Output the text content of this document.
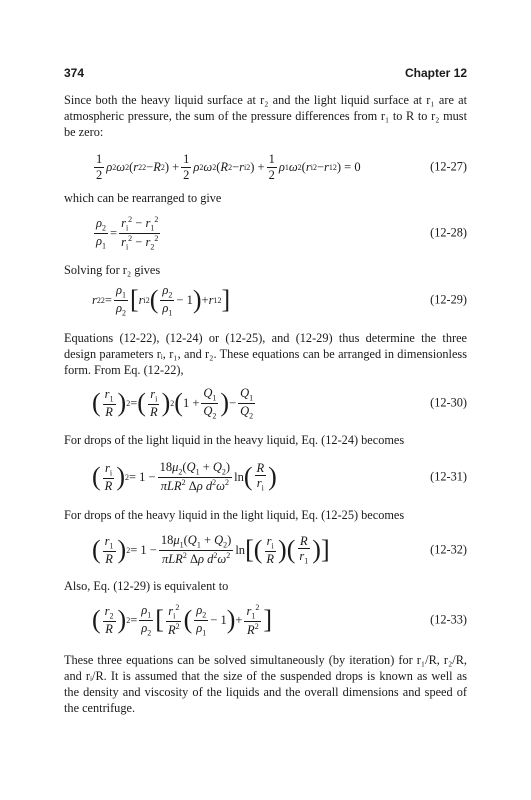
374	Chapter 12
Since both the heavy liquid surface at r₂ and the light liquid surface at r₁ are at atmospheric pressure, the sum of the pressure differences from r₁ to R to r₂ must be zero:
$\frac{1}{2}$ ρ 2 ω 2 ( r 2 2 − R 2 ) + $\frac{1}{2}$ ρ 2 ω 2 ( R 2 − r i 2 ) + $\frac{1}{2}$ ρ 1 ω 2 ( r i 2 − r 1 2 ) = 0	(12-27)
which can be rearranged to give
$\frac{\rho_2}{\rho_1} = \frac{r_i^2 - r_1^2}{r_i^2 - r_2^2}$	(12-28)
Solving for r₂ gives
r 2 $2 = \frac{\rho_1}{\rho_2}$ [ r i 2 ( $\frac{\rho_2}{\rho_1} - 1$ ) + r 1 2 ]	(12-29)
Equations (12-22), (12-24) or (12-25), and (12-29) thus determine the three design parameters rᵢ, r₁, and r₂. These equations can be arranged in dimensionless form. From Eq. (12-22),
( $\frac{r_1}{R}$ ) 2 = ( $\frac{r_i}{R}$ ) 2 ( $1 + \frac{Q_1}{Q_2}$ ) − $\frac{Q_1}{Q_2}$	(12-30)
For drops of the light liquid in the heavy liquid, Eq. (12-24) becomes
( $\frac{r_i}{R}$ ) $2 = 1 - \frac{18\mu_2(Q_1 + Q_2)}{\pi LR^2 \Delta\rho d^2\omega^2}$ ln ( $\frac{R}{r_i}$ )	(12-31)
For drops of the heavy liquid in the light liquid, Eq. (12-25) becomes
( $\frac{r_1}{R}$ ) $2 = 1 - \frac{18\mu_1(Q_1 + Q_2)}{\pi LR^2 \Delta\rho d^2\omega^2}$ ln [ ( $\frac{r_i}{R}$ ) ( $\frac{R}{r_1}$ ) ]	(12-32)
Also, Eq. (12-29) is equivalent to
( $\frac{r_2}{R}$ ) $2 = \frac{\rho_1}{\rho_2}$ [ $\frac{r_i^2}{R^2}$ ( $\frac{\rho_2}{\rho_1} - 1$ ) + $\frac{r_1^2}{R^2}$ ]	(12-33)
These three equations can be solved simultaneously (by iteration) for r₁/R, r₂/R, and rᵢ/R. It is assumed that the size of the suspended drops is known as well as the density and viscosity of the liquids and the overall dimensions and speed of the centrifuge.
